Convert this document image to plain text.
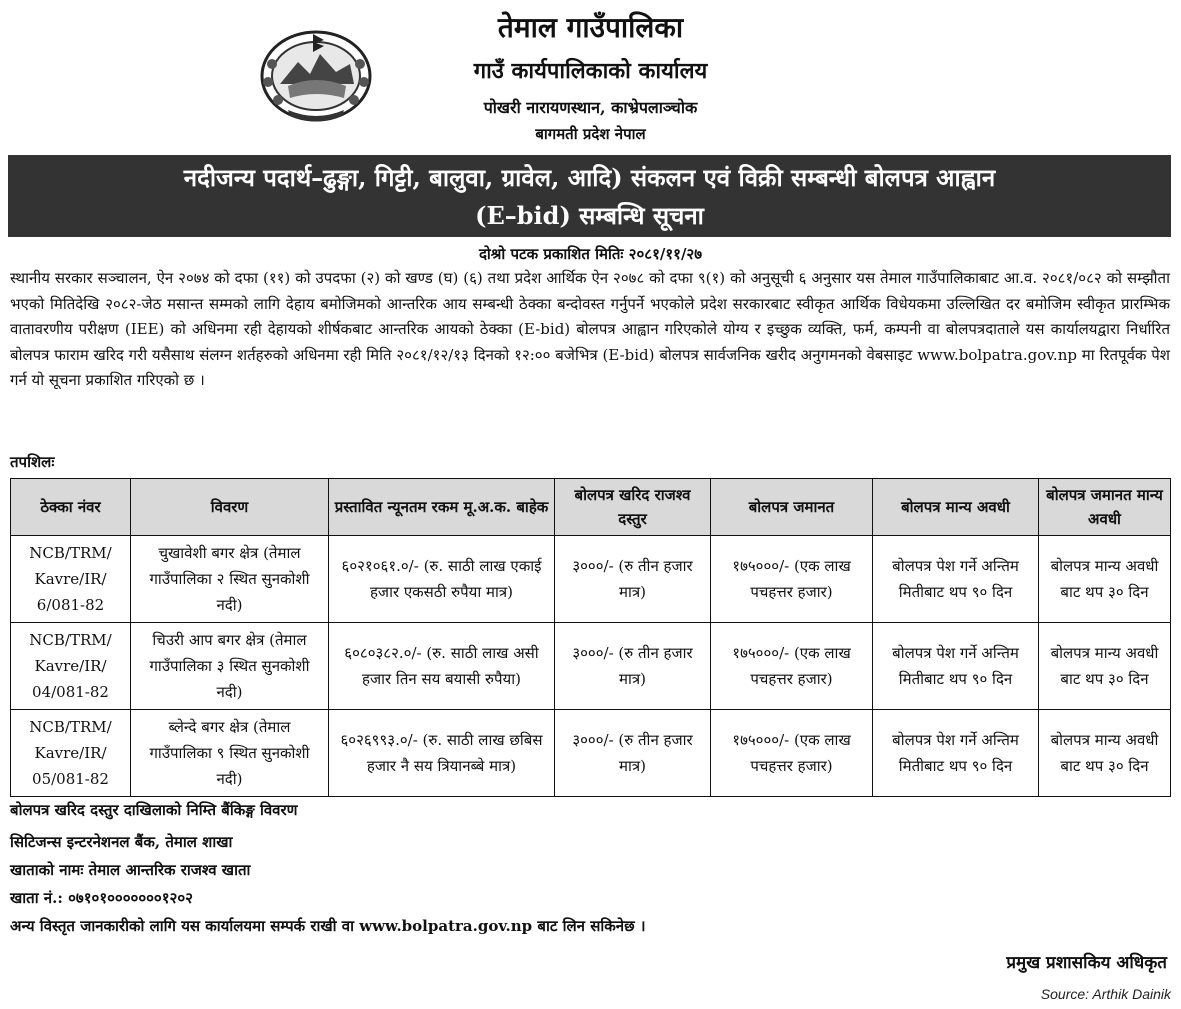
तेमाल गाउँपालिका
गाउँ कार्यपालिकाको कार्यालय
पोखरी नारायणस्थान, काभ्रेपलाञ्चोक
बागमती प्रदेश नेपाल
नदीजन्य पदार्थ–ढुङ्गा, गिट्टी, बालुवा, ग्रावेल, आदि) संकलन एवं विक्री सम्बन्धी बोलपत्र आह्वान
(E–bid) सम्बन्धि सूचना
दोश्रो पटक प्रकाशित मितिः २०८१/११/२७
स्थानीय सरकार सञ्चालन, ऐन २०७४ को दफा (११) को उपदफा (२) को खण्ड (घ) (६) तथा प्रदेश आर्थिक ऐन २०७८ को दफा ९(१) को अनुसूची ६ अनुसार यस तेमाल गाउँपालिकाबाट आ.व. २०८१/०८२ को सम्झौता भएको मितिदेखि २०८२-जेठ मसान्त सम्मको लागि देहाय बमोजिमको आन्तरिक आय सम्बन्धी ठेक्का बन्दोवस्त गर्नुपर्ने भएकोले प्रदेश सरकारबाट स्वीकृत आर्थिक विधेयकमा उल्लिखित दर बमोजिम स्वीकृत प्रारम्भिक वातावरणीय परीक्षण (IEE) को अधिनमा रही देहायको शीर्षकबाट आन्तरिक आयको ठेक्का (E-bid) बोलपत्र आह्वान गरिएकोले योग्य र इच्छुक व्यक्ति, फर्म, कम्पनी वा बोलपत्रदाताले यस कार्यालयद्वारा निर्धारित बोलपत्र फाराम खरिद गरी यसैसाथ संलग्न शर्तहरुको अधिनमा रही मिति २०८१/१२/१३ दिनको १२:०० बजेभित्र (E-bid) बोलपत्र सार्वजनिक खरीद अनुगमनको वेबसाइट www.bolpatra.gov.np मा रितपूर्वक पेश गर्न यो सूचना प्रकाशित गरिएको छ ।
तपशिलः
ठेक्का नंवर	विवरण	प्रस्तावित न्यूनतम रकम मू.अ.क. बाहेक	बोलपत्र खरिद राजश्व दस्तुर	बोलपत्र जमानत	बोलपत्र मान्य अवधी	बोलपत्र जमानत मान्य अवधी
NCB/TRM/ Kavre/IR/ 6/081-82	चुखावेशी बगर क्षेत्र (तेमाल गाउँपालिका २ स्थित सुनकोशी नदी)	६०२१०६१.०/- (रु. साठी लाख एकाई हजार एकसठी रुपैया मात्र)	३०००/- (रु तीन हजार मात्र)	१७५०००/- (एक लाख पचहत्तर हजार)	बोलपत्र पेश गर्ने अन्तिम मितीबाट थप ९० दिन	बोलपत्र मान्य अवधी बाट थप ३० दिन
NCB/TRM/ Kavre/IR/ 04/081-82	चिउरी आप बगर क्षेत्र (तेमाल गाउँपालिका ३ स्थित सुनकोशी नदी)	६०८०३८२.०/- (रु. साठी लाख असी हजार तिन सय बयासी रुपैया)	३०००/- (रु तीन हजार मात्र)	१७५०००/- (एक लाख पचहत्तर हजार)	बोलपत्र पेश गर्ने अन्तिम मितीबाट थप ९० दिन	बोलपत्र मान्य अवधी बाट थप ३० दिन
NCB/TRM/ Kavre/IR/ 05/081-82	ब्लेन्दे बगर क्षेत्र (तेमाल गाउँपालिका ९ स्थित सुनकोशी नदी)	६०२६९९३.०/- (रु. साठी लाख छबिस हजार नै सय त्रियानब्बे मात्र)	३०००/- (रु तीन हजार मात्र)	१७५०००/- (एक लाख पचहत्तर हजार)	बोलपत्र पेश गर्ने अन्तिम मितीबाट थप ९० दिन	बोलपत्र मान्य अवधी बाट थप ३० दिन
बोलपत्र खरिद दस्तुर दाखिलाको निम्ति बैंकिङ्ग विवरण
सिटिजन्स इन्टरनेशनल बैंक, तेमाल शाखा
खाताको नामः तेमाल आन्तरिक राजश्व खाता
खाता नं.: ०७१०१०००००००१२०२
अन्य विस्तृत जानकारीको लागि यस कार्यालयमा सम्पर्क राखी वा www.bolpatra.gov.np बाट लिन सकिनेछ ।
प्रमुख प्रशासकिय अधिकृत
Source: Arthik Dainik
